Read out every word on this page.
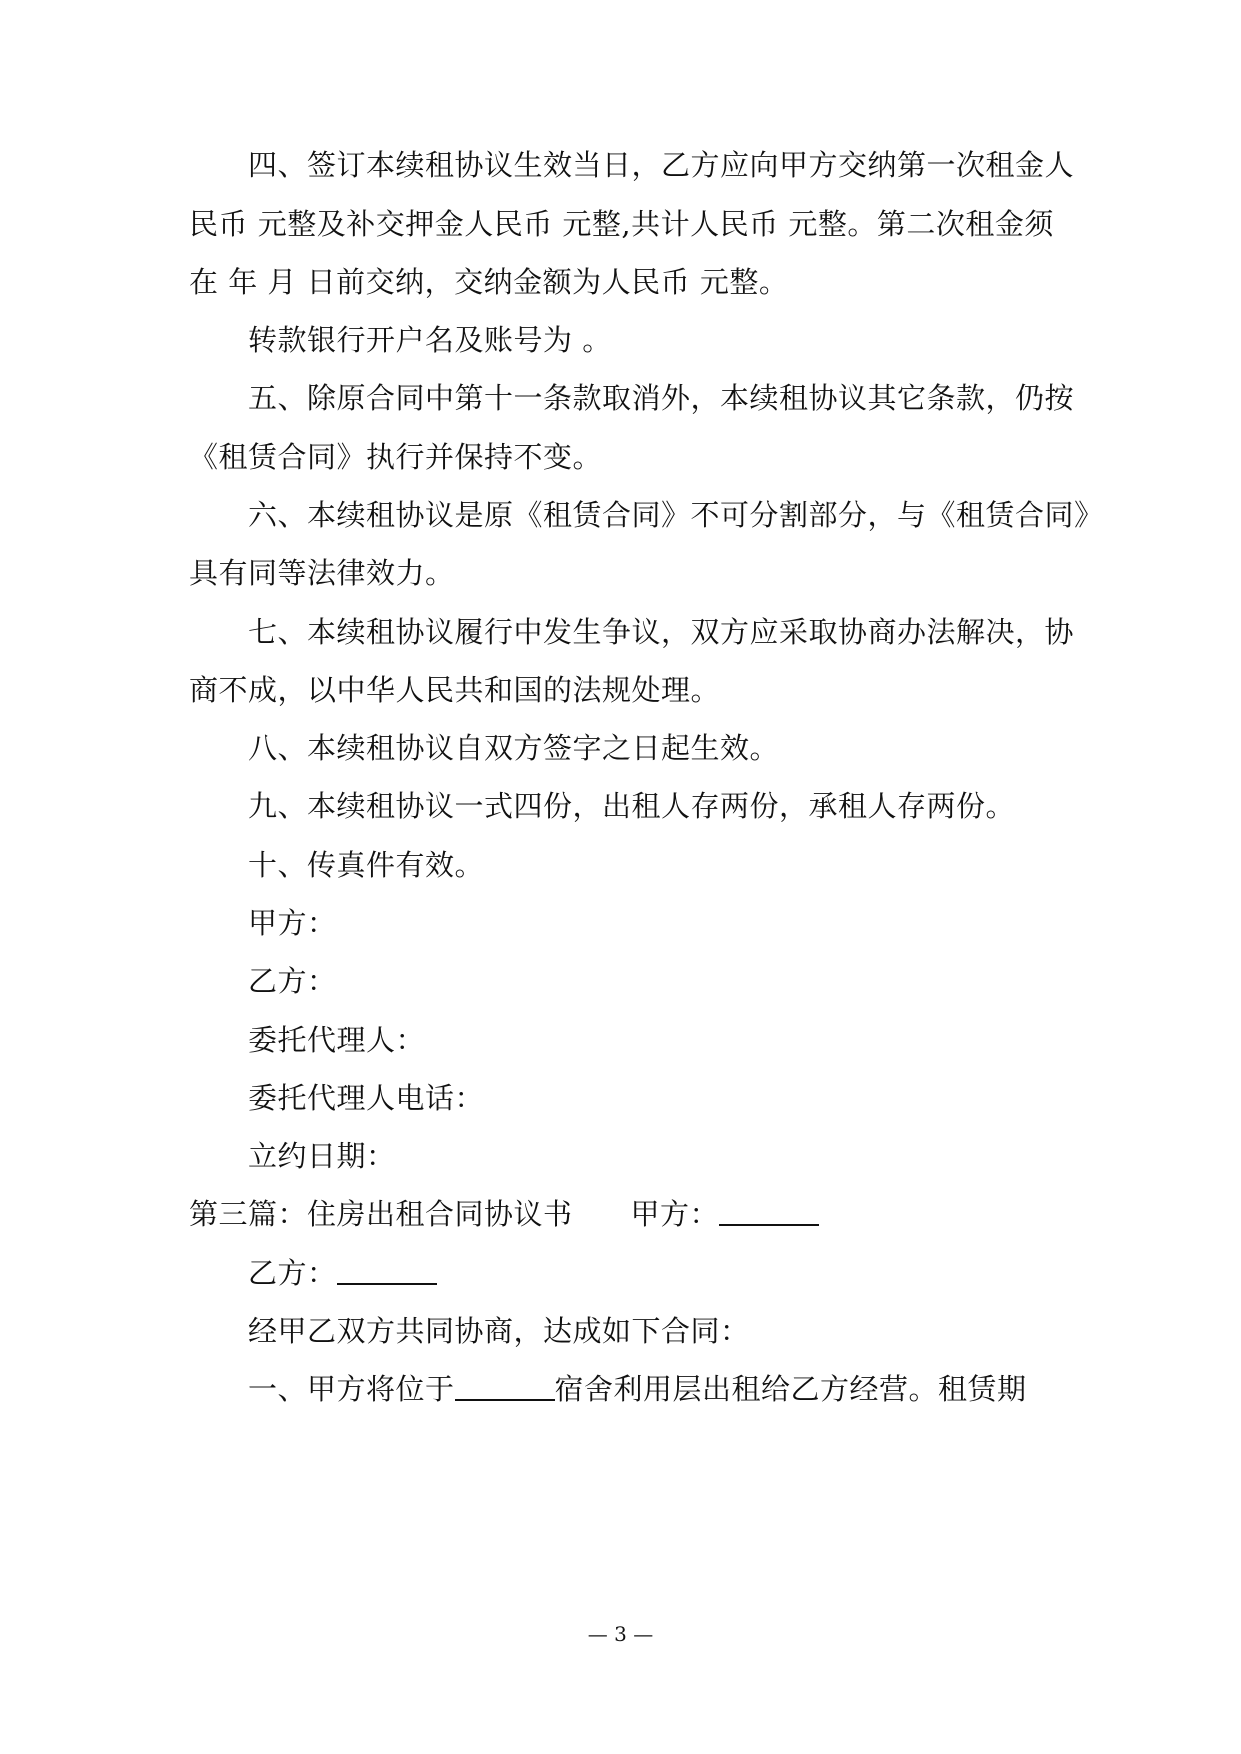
四、签订本续租协议生效当日，乙方应向甲方交纳第一次租金人
民币 元整及补交押金人民币 元整,共计人民币 元整。第二次租金须
在 年 月 日前交纳，交纳金额为人民币 元整。
转款银行开户名及账号为 。
五、除原合同中第十一条款取消外，本续租协议其它条款，仍按
《租赁合同》执行并保持不变。
六、本续租协议是原《租赁合同》不可分割部分，与《租赁合同》
具有同等法律效力。
七、本续租协议履行中发生争议，双方应采取协商办法解决，协
商不成，以中华人民共和国的法规处理。
八、本续租协议自双方签字之日起生效。
九、本续租协议一式四份，出租人存两份，承租人存两份。
十、传真件有效。
甲方：
乙方：
委托代理人：
委托代理人电话：
立约日期：
第三篇：住房出租合同协议书 甲方：
乙方：
经甲乙双方共同协商，达成如下合同：
一、甲方将位于	宿舍利用层出租给乙方经营。租赁期
— 3 —
